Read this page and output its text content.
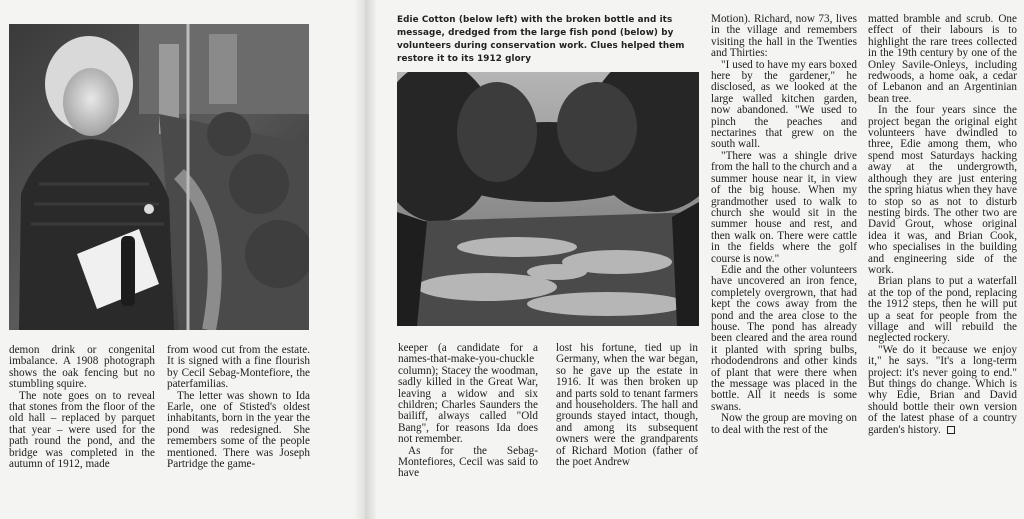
Edie Cotton (below left) with the broken bottle and its message, dredged from the large fish pond (below) by volunteers during conservation work. Clues helped them restore it to its 1912 glory

demon drink or congenital imbalance. A 1908 photograph shows the oak fencing but no stumbling squire.

The note goes on to reveal that stones from the floor of the old hall – replaced by parquet that year – were used for the path round the pond, and the bridge was completed in the autumn of 1912, made

from wood cut from the estate. It is signed with a fine flourish by Cecil Sebag-Montefiore, the paterfamilias.

The letter was shown to Ida Earle, one of Stisted's oldest inhabitants, born in the year the pond was redesigned. She remembers some of the people mentioned. There was Joseph Partridge the game-

keeper (a candidate for a names-that-make-you-chuckle column); Stacey the woodman, sadly killed in the Great War, leaving a widow and six children; Charles Saunders the bailiff, always called "Old Bang", for reasons Ida does not remember.

As for the Sebag-Montefiores, Cecil was said to have

lost his fortune, tied up in Germany, when the war began, so he gave up the estate in 1916. It was then broken up and parts sold to tenant farmers and householders. The hall and grounds stayed intact, though, and among its subsequent owners were the grandparents of Richard Motion (father of the poet Andrew

Motion). Richard, now 73, lives in the village and remembers visiting the hall in the Twenties and Thirties:

"I used to have my ears boxed here by the gardener," he disclosed, as we looked at the large walled kitchen garden, now abandoned. "We used to pinch the peaches and nectarines that grew on the south wall.

"There was a shingle drive from the hall to the church and a summer house near it, in view of the big house. When my grandmother used to walk to church she would sit in the summer house and rest, and then walk on. There were cattle in the fields where the golf course is now."

Edie and the other volunteers have uncovered an iron fence, completely overgrown, that had kept the cows away from the pond and the area close to the house. The pond has already been cleared and the area round it planted with spring bulbs, rhododendrons and other kinds of plant that were there when the message was placed in the bottle. All it needs is some swans.

Now the group are moving on to deal with the rest of the

matted bramble and scrub. One effect of their labours is to highlight the rare trees collected in the 19th century by one of the Onley Savile-Onleys, including redwoods, a home oak, a cedar of Lebanon and an Argentinian bean tree.

In the four years since the project began the original eight volunteers have dwindled to three, Edie among them, who spend most Saturdays hacking away at the undergrowth, although they are just entering the spring hiatus when they have to stop so as not to disturb nesting birds. The other two are David Grout, whose original idea it was, and Brian Cook, who specialises in the building and engineering side of the work.

Brian plans to put a waterfall at the top of the pond, replacing the 1912 steps, then he will put up a seat for people from the village and will rebuild the neglected rockery.

"We do it because we enjoy it," he says. "It's a long-term project: it's never going to end." But things do change. Which is why Edie, Brian and David should bottle their own version of the latest phase of a country garden's history.
